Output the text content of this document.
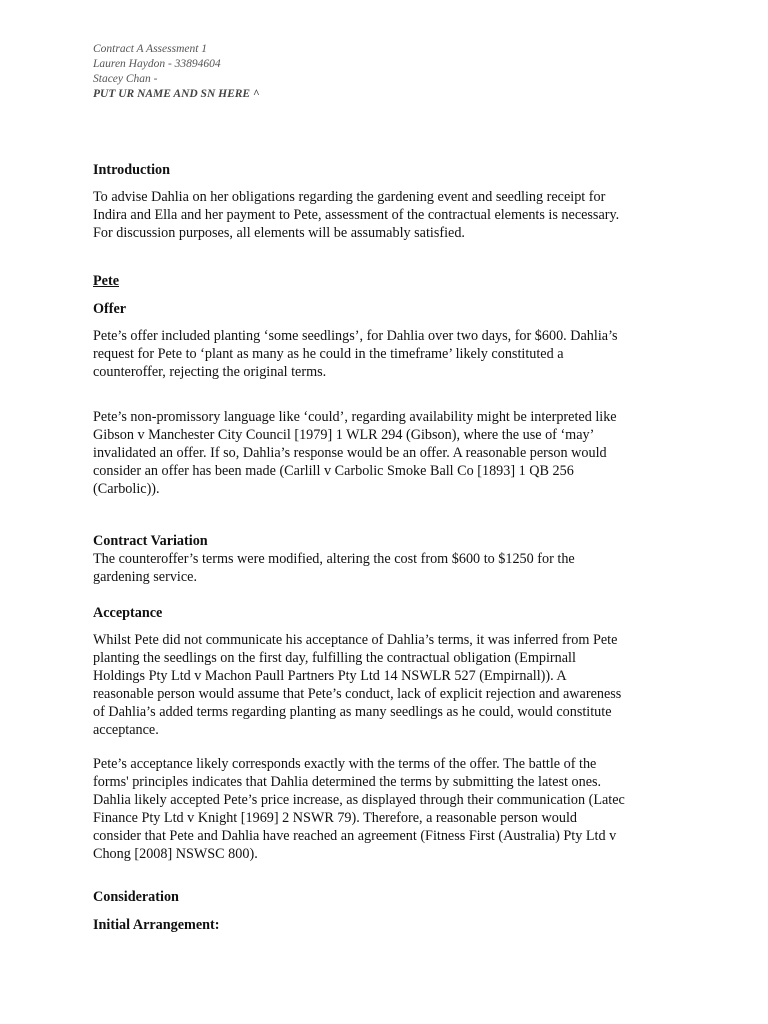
Contract A Assessment 1
Lauren Haydon - 33894604
Stacey Chan -
PUT UR NAME AND SN HERE ^
Introduction
To advise Dahlia on her obligations regarding the gardening event and seedling receipt for
Indira and Ella and her payment to Pete, assessment of the contractual elements is necessary.
For discussion purposes, all elements will be assumably satisfied.
Pete
Offer
Pete’s offer included planting ‘some seedlings’, for Dahlia over two days, for $600. Dahlia’s
request for Pete to ‘plant as many as he could in the timeframe’ likely constituted a
counteroffer, rejecting the original terms.
Pete’s non-promissory language like ‘could’, regarding availability might be interpreted like
Gibson v Manchester City Council [1979] 1 WLR 294 (Gibson), where the use of ‘may’
invalidated an offer. If so, Dahlia’s response would be an offer. A reasonable person would
consider an offer has been made (Carlill v Carbolic Smoke Ball Co [1893] 1 QB 256
(Carbolic)).
Contract Variation
The counteroffer’s terms were modified, altering the cost from $600 to $1250 for the
gardening service.
Acceptance
Whilst Pete did not communicate his acceptance of Dahlia’s terms, it was inferred from Pete
planting the seedlings on the first day, fulfilling the contractual obligation (Empirnall
Holdings Pty Ltd v Machon Paull Partners Pty Ltd 14 NSWLR 527 (Empirnall)). A
reasonable person would assume that Pete’s conduct, lack of explicit rejection and awareness
of Dahlia’s added terms regarding planting as many seedlings as he could, would constitute
acceptance.
Pete’s acceptance likely corresponds exactly with the terms of the offer. The battle of the
forms' principles indicates that Dahlia determined the terms by submitting the latest ones.
Dahlia likely accepted Pete’s price increase, as displayed through their communication (Latec
Finance Pty Ltd v Knight [1969] 2 NSWR 79). Therefore, a reasonable person would
consider that Pete and Dahlia have reached an agreement (Fitness First (Australia) Pty Ltd v
Chong [2008] NSWSC 800).
Consideration
Initial Arrangement:
